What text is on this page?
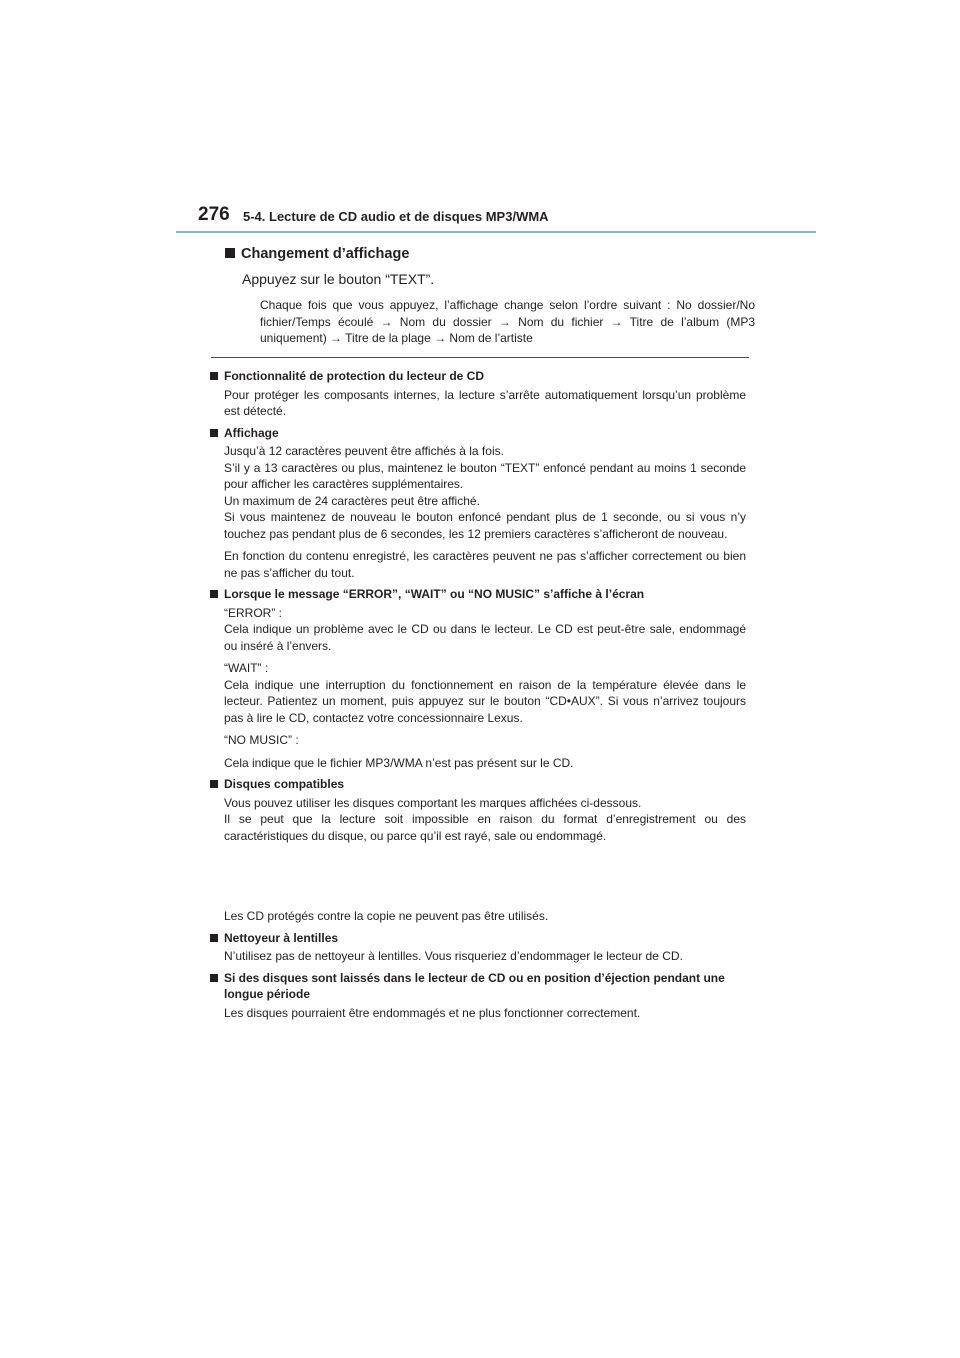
276 5-4. Lecture de CD audio et de disques MP3/WMA
Changement d’affichage
Appuyez sur le bouton “TEXT”.
Chaque fois que vous appuyez, l’affichage change selon l’ordre suivant : No dossier/No fichier/Temps écoulé → Nom du dossier → Nom du fichier → Titre de l’album (MP3 uniquement) → Titre de la plage → Nom de l’artiste
Fonctionnalité de protection du lecteur de CD
Pour protéger les composants internes, la lecture s’arrête automatiquement lorsqu’un problème est détecté.
Affichage
Jusqu’à 12 caractères peuvent être affichés à la fois.
S’il y a 13 caractères ou plus, maintenez le bouton “TEXT” enfoncé pendant au moins 1 seconde pour afficher les caractères supplémentaires.
Un maximum de 24 caractères peut être affiché.
Si vous maintenez de nouveau le bouton enfoncé pendant plus de 1 seconde, ou si vous n’y touchez pas pendant plus de 6 secondes, les 12 premiers caractères s’afficheront de nouveau.
En fonction du contenu enregistré, les caractères peuvent ne pas s’afficher correctement ou bien ne pas s’afficher du tout.
Lorsque le message “ERROR”, “WAIT” ou “NO MUSIC” s’affiche à l’écran
“ERROR” :
Cela indique un problème avec le CD ou dans le lecteur. Le CD est peut-être sale, endommagé ou inséré à l’envers.
“WAIT” :
Cela indique une interruption du fonctionnement en raison de la température élevée dans le lecteur. Patientez un moment, puis appuyez sur le bouton “CD•AUX”. Si vous n’arrivez toujours pas à lire le CD, contactez votre concessionnaire Lexus.
“NO MUSIC” :
Cela indique que le fichier MP3/WMA n’est pas présent sur le CD.
Disques compatibles
Vous pouvez utiliser les disques comportant les marques affichées ci-dessous.
Il se peut que la lecture soit impossible en raison du format d’enregistrement ou des caractéristiques du disque, ou parce qu’il est rayé, sale ou endommagé.
Les CD protégés contre la copie ne peuvent pas être utilisés.
Nettoyeur à lentilles
N’utilisez pas de nettoyeur à lentilles. Vous risqueriez d’endommager le lecteur de CD.
Si des disques sont laissés dans le lecteur de CD ou en position d’éjection pendant une longue période
Les disques pourraient être endommagés et ne plus fonctionner correctement.
